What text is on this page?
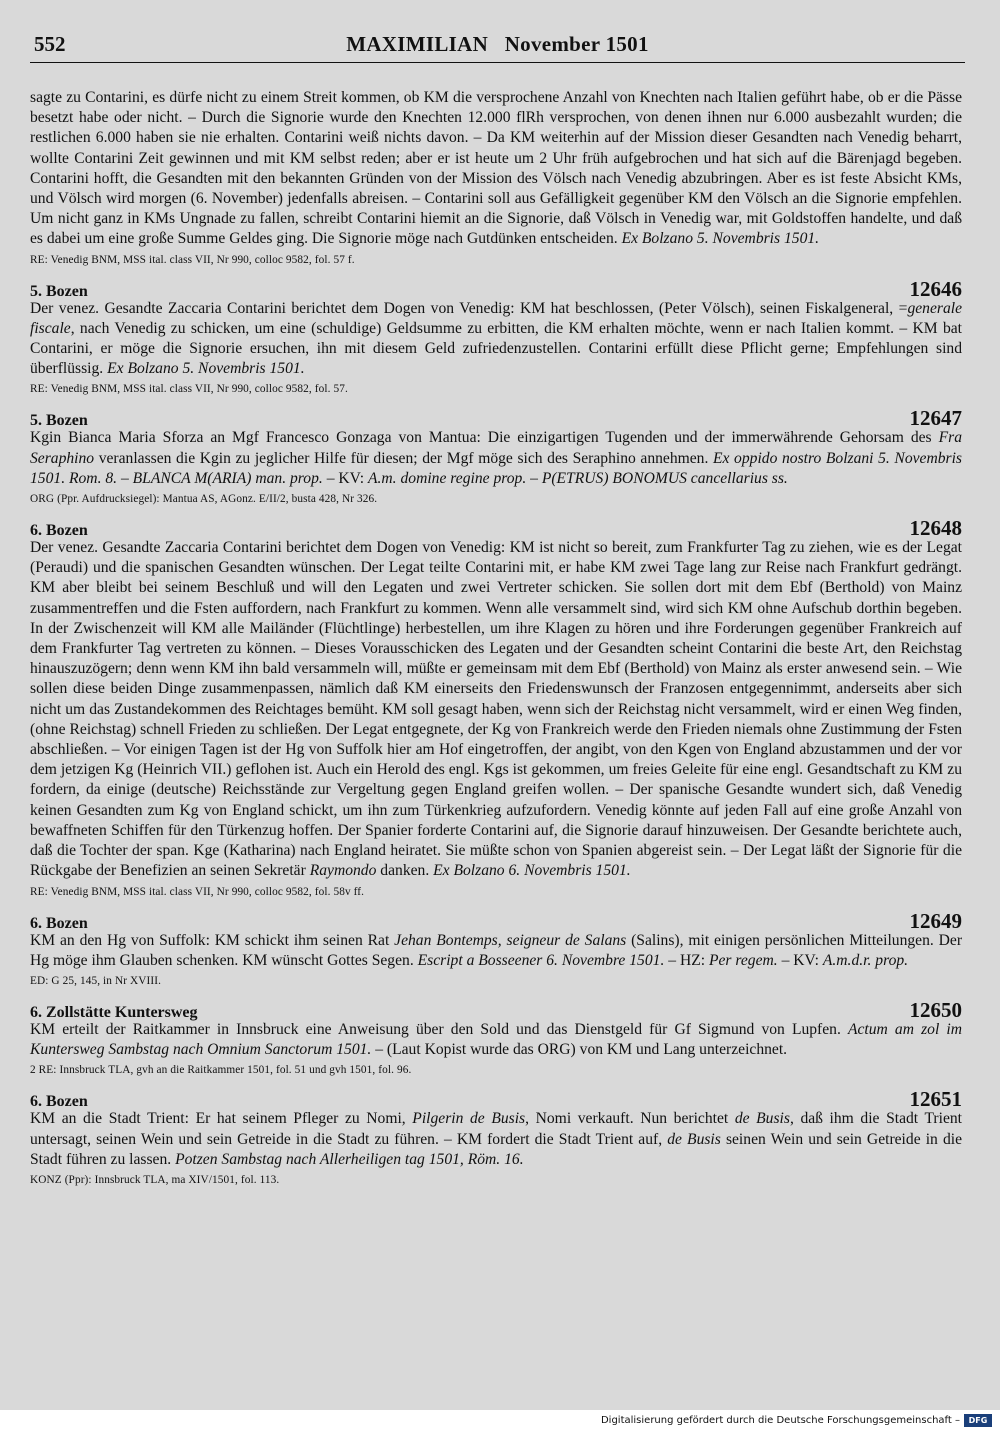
552	MAXIMILIAN   November 1501

sagte zu Contarini, es dürfe nicht zu einem Streit kommen, ob KM die versprochene Anzahl von Knechten nach Italien geführt habe, ob er die Pässe besetzt habe oder nicht. – Durch die Signorie wurde den Knechten 12.000 flRh versprochen, von denen ihnen nur 6.000 ausbezahlt wurden; die restlichen 6.000 haben sie nie erhalten. Contarini weiß nichts davon. – Da KM weiterhin auf der Mission dieser Gesandten nach Venedig beharrt, wollte Contarini Zeit gewinnen und mit KM selbst reden; aber er ist heute um 2 Uhr früh aufgebrochen und hat sich auf die Bärenjagd begeben. Contarini hofft, die Gesandten mit den bekannten Gründen von der Mission des Völsch nach Venedig abzubringen. Aber es ist feste Absicht KMs, und Völsch wird morgen (6. November) jedenfalls abreisen. – Contarini soll aus Gefälligkeit gegenüber KM den Völsch an die Signorie empfehlen. Um nicht ganz in KMs Ungnade zu fallen, schreibt Contarini hiemit an die Signorie, daß Völsch in Venedig war, mit Goldstoffen handelte, und daß es dabei um eine große Summe Geldes ging. Die Signorie möge nach Gutdünken entscheiden. Ex Bolzano 5. Novembris 1501.

RE: Venedig BNM, MSS ital. class VII, Nr 990, colloc 9582, fol. 57 f.

5. Bozen	12646

Der venez. Gesandte Zaccaria Contarini berichtet dem Dogen von Venedig: KM hat beschlossen, (Peter Völsch), seinen Fiskalgeneral, =generale fiscale, nach Venedig zu schicken, um eine (schuldige) Geldsumme zu erbitten, die KM erhalten möchte, wenn er nach Italien kommt. – KM bat Contarini, er möge die Signorie ersuchen, ihn mit diesem Geld zufriedenzustellen. Contarini erfüllt diese Pflicht gerne; Empfehlungen sind überflüssig. Ex Bolzano 5. Novembris 1501.

RE: Venedig BNM, MSS ital. class VII, Nr 990, colloc 9582, fol. 57.

5. Bozen	12647

Kgin Bianca Maria Sforza an Mgf Francesco Gonzaga von Mantua: Die einzigartigen Tugenden und der immerwährende Gehorsam des Fra Seraphino veranlassen die Kgin zu jeglicher Hilfe für diesen; der Mgf möge sich des Seraphino annehmen. Ex oppido nostro Bolzani 5. Novembris 1501. Rom. 8. – BLANCA M(ARIA) man. prop. – KV: A.m. domine regine prop. – P(ETRUS) BONOMUS cancellarius ss.

ORG (Ppr. Aufdrucksiegel): Mantua AS, AGonz. E/II/2, busta 428, Nr 326.

6. Bozen	12648

Der venez. Gesandte Zaccaria Contarini berichtet dem Dogen von Venedig: KM ist nicht so bereit, zum Frankfurter Tag zu ziehen, wie es der Legat (Peraudi) und die spanischen Gesandten wünschen. Der Legat teilte Contarini mit, er habe KM zwei Tage lang zur Reise nach Frankfurt gedrängt. KM aber bleibt bei seinem Beschluß und will den Legaten und zwei Vertreter schicken. Sie sollen dort mit dem Ebf (Berthold) von Mainz zusammentreffen und die Fsten auffordern, nach Frankfurt zu kommen. Wenn alle versammelt sind, wird sich KM ohne Aufschub dorthin begeben. In der Zwischenzeit will KM alle Mailänder (Flüchtlinge) herbestellen, um ihre Klagen zu hören und ihre Forderungen gegenüber Frankreich auf dem Frankfurter Tag vertreten zu können. – Dieses Vorausschicken des Legaten und der Gesandten scheint Contarini die beste Art, den Reichstag hinauszuzögern; denn wenn KM ihn bald versammeln will, müßte er gemeinsam mit dem Ebf (Berthold) von Mainz als erster anwesend sein. – Wie sollen diese beiden Dinge zusammenpassen, nämlich daß KM einerseits den Friedenswunsch der Franzosen entgegennimmt, anderseits aber sich nicht um das Zustandekommen des Reichtages bemüht. KM soll gesagt haben, wenn sich der Reichstag nicht versammelt, wird er einen Weg finden, (ohne Reichstag) schnell Frieden zu schließen. Der Legat entgegnete, der Kg von Frankreich werde den Frieden niemals ohne Zustimmung der Fsten abschließen. – Vor einigen Tagen ist der Hg von Suffolk hier am Hof eingetroffen, der angibt, von den Kgen von England abzustammen und der vor dem jetzigen Kg (Heinrich VII.) geflohen ist. Auch ein Herold des engl. Kgs ist gekommen, um freies Geleite für eine engl. Gesandtschaft zu KM zu fordern, da einige (deutsche) Reichsstände zur Vergeltung gegen England greifen wollen. – Der spanische Gesandte wundert sich, daß Venedig keinen Gesandten zum Kg von England schickt, um ihn zum Türkenkrieg aufzufordern. Venedig könnte auf jeden Fall auf eine große Anzahl von bewaffneten Schiffen für den Türkenzug hoffen. Der Spanier forderte Contarini auf, die Signorie darauf hinzuweisen. Der Gesandte berichtete auch, daß die Tochter der span. Kge (Katharina) nach England heiratet. Sie müßte schon von Spanien abgereist sein. – Der Legat läßt der Signorie für die Rückgabe der Benefizien an seinen Sekretär Raymondo danken. Ex Bolzano 6. Novembris 1501.

RE: Venedig BNM, MSS ital. class VII, Nr 990, colloc 9582, fol. 58v ff.

6. Bozen	12649

KM an den Hg von Suffolk: KM schickt ihm seinen Rat Jehan Bontemps, seigneur de Salans (Salins), mit einigen persönlichen Mitteilungen. Der Hg möge ihm Glauben schenken. KM wünscht Gottes Segen. Escript a Bosseener 6. Novembre 1501. – HZ: Per regem. – KV: A.m.d.r. prop.

ED: G 25, 145, in Nr XVIII.

6. Zollstätte Kuntersweg	12650

KM erteilt der Raitkammer in Innsbruck eine Anweisung über den Sold und das Dienstgeld für Gf Sigmund von Lupfen. Actum am zol im Kuntersweg Sambstag nach Omnium Sanctorum 1501. – (Laut Kopist wurde das ORG) von KM und Lang unterzeichnet.

2 RE: Innsbruck TLA, gvh an die Raitkammer 1501, fol. 51 und gvh 1501, fol. 96.

6. Bozen	12651

KM an die Stadt Trient: Er hat seinem Pfleger zu Nomi, Pilgerin de Busis, Nomi verkauft. Nun berichtet de Busis, daß ihm die Stadt Trient untersagt, seinen Wein und sein Getreide in die Stadt zu führen. – KM fordert die Stadt Trient auf, de Busis seinen Wein und sein Getreide in die Stadt führen zu lassen. Potzen Sambstag nach Allerheiligen tag 1501, Röm. 16.

KONZ (Ppr): Innsbruck TLA, ma XIV/1501, fol. 113.

Digitalisierung gefördert durch die Deutsche Forschungsgemeinschaft –	DFG
